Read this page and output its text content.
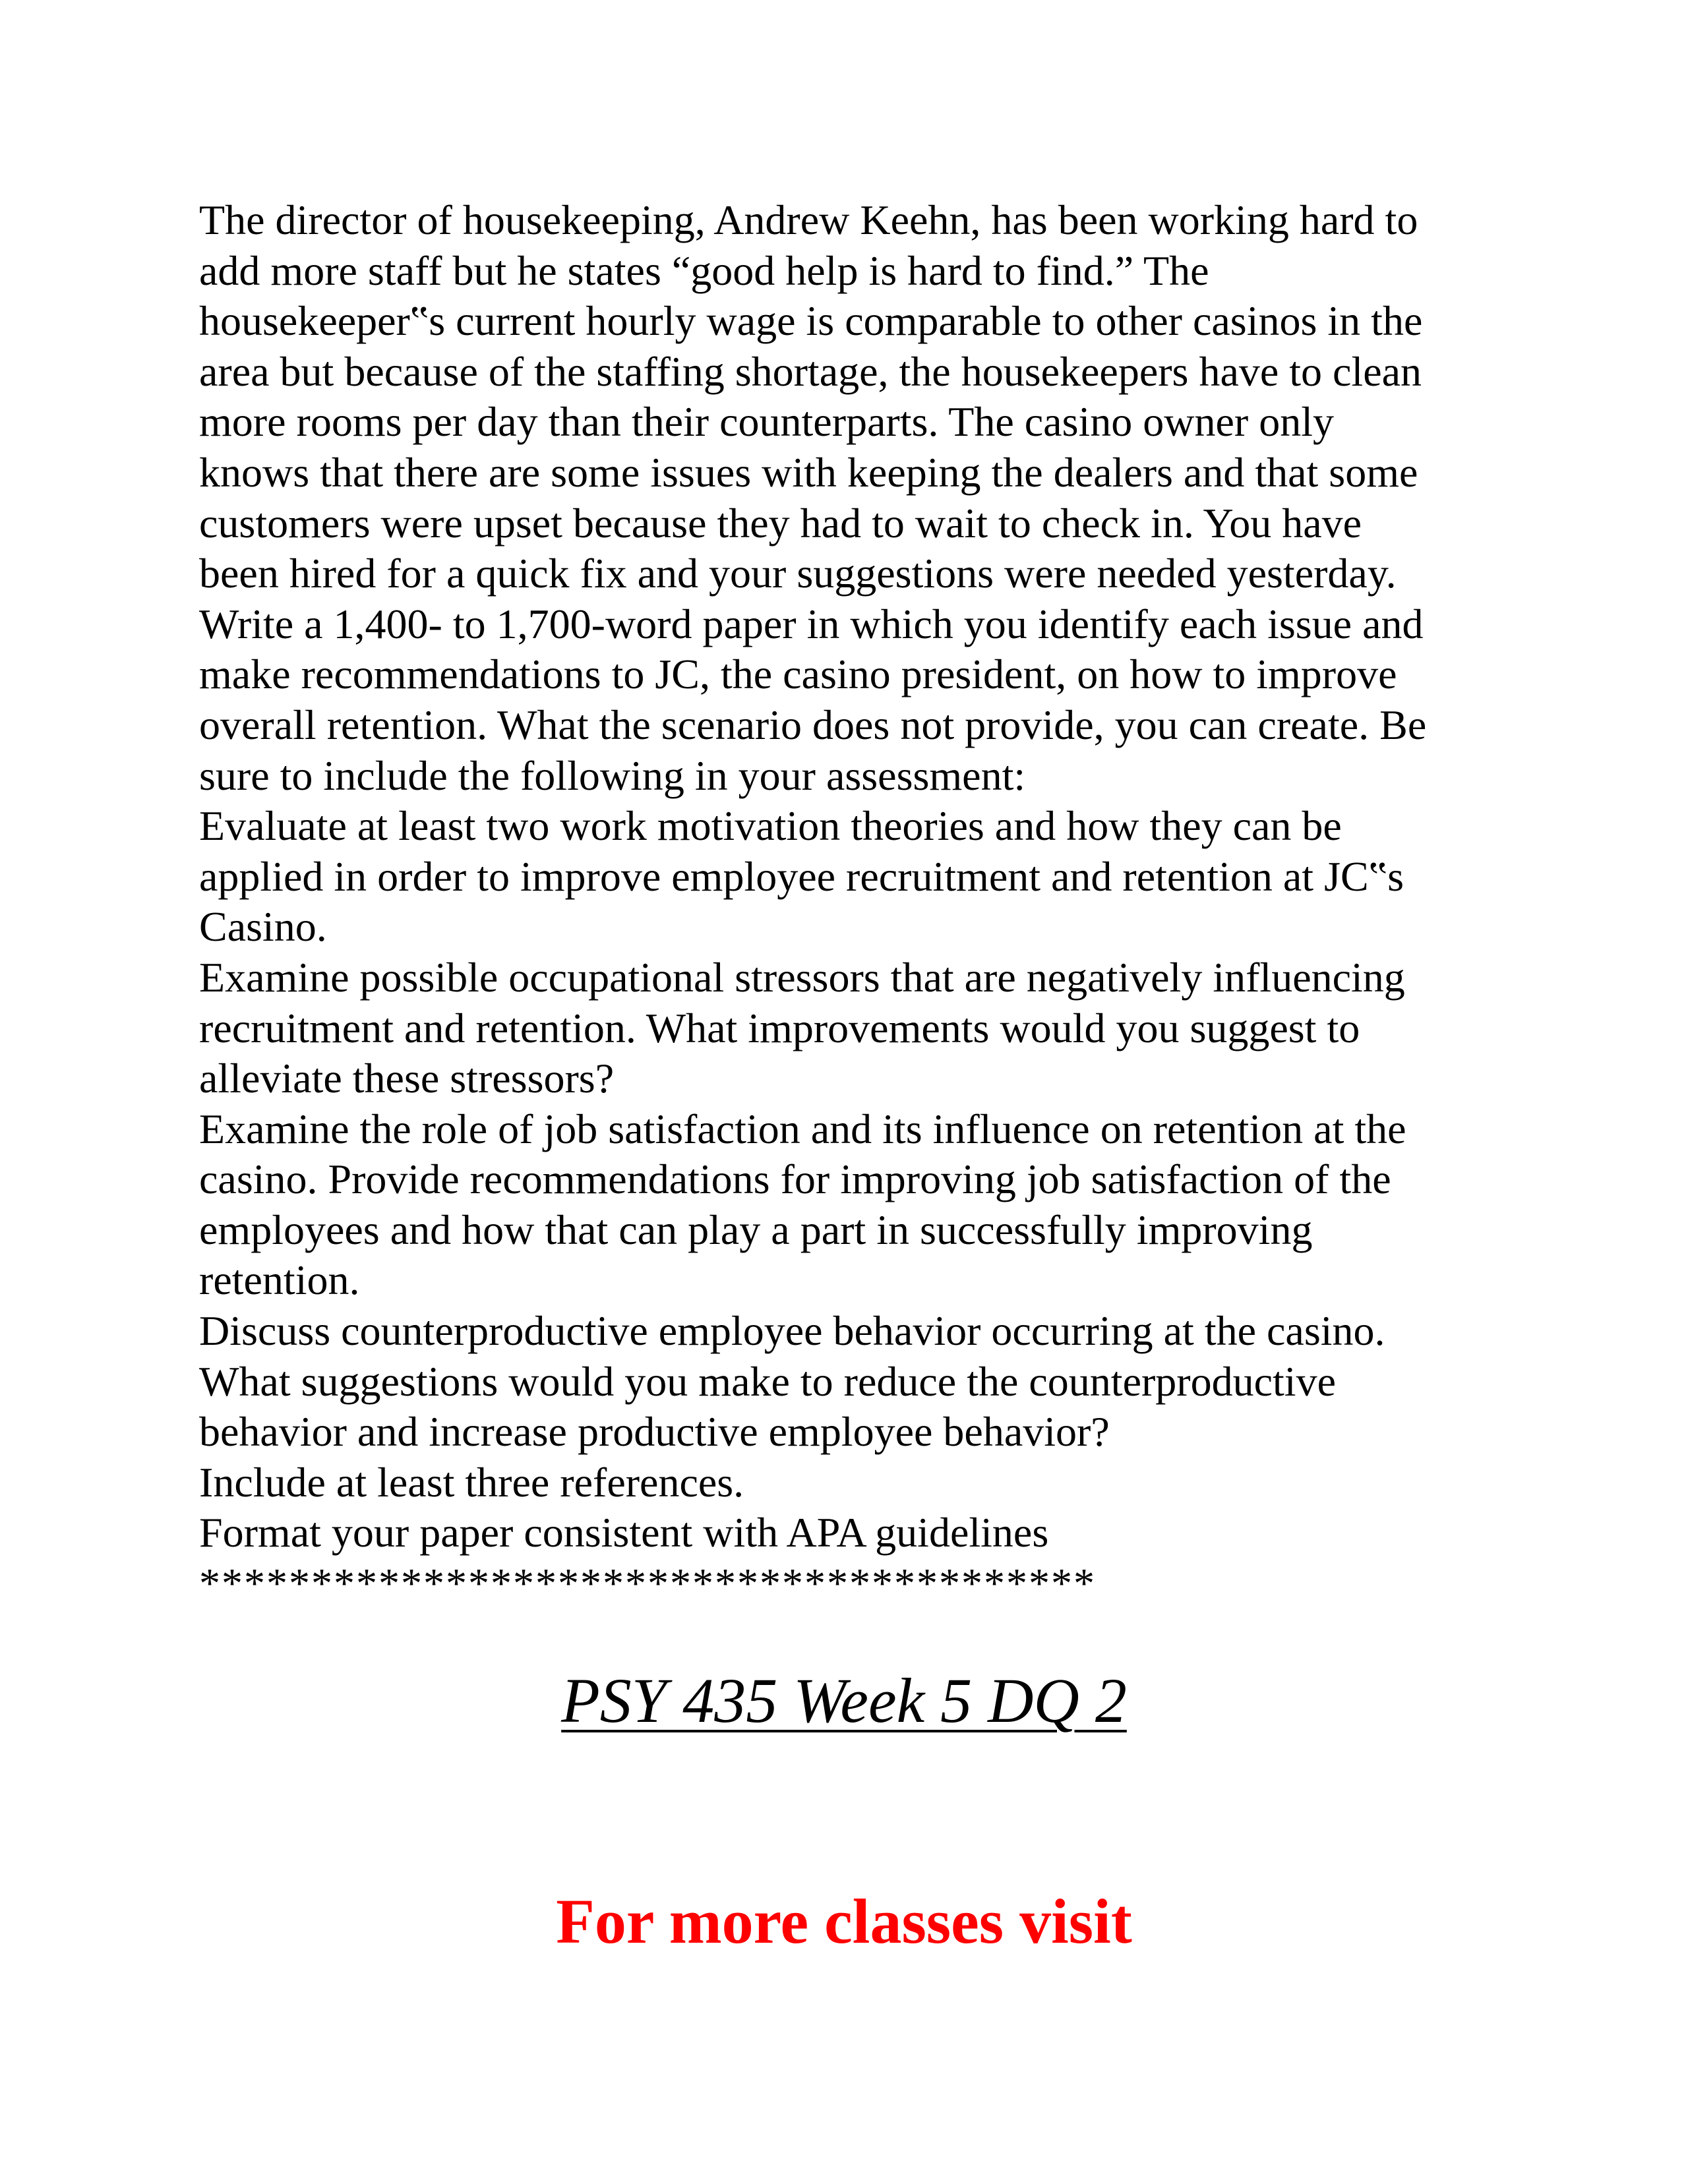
The director of housekeeping, Andrew Keehn, has been working hard to
add more staff but he states “good help is hard to find.” The
housekeeper‟s current hourly wage is comparable to other casinos in the
area but because of the staffing shortage, the housekeepers have to clean
more rooms per day than their counterparts. The casino owner only
knows that there are some issues with keeping the dealers and that some
customers were upset because they had to wait to check in. You have
been hired for a quick fix and your suggestions were needed yesterday.
Write a 1,400- to 1,700-word paper in which you identify each issue and
make recommendations to JC, the casino president, on how to improve
overall retention. What the scenario does not provide, you can create. Be
sure to include the following in your assessment:
Evaluate at least two work motivation theories and how they can be
applied in order to improve employee recruitment and retention at JC‟s
Casino.
Examine possible occupational stressors that are negatively influencing
recruitment and retention. What improvements would you suggest to
alleviate these stressors?
Examine the role of job satisfaction and its influence on retention at the
casino. Provide recommendations for improving job satisfaction of the
employees and how that can play a part in successfully improving
retention.
Discuss counterproductive employee behavior occurring at the casino.
What suggestions would you make to reduce the counterproductive
behavior and increase productive employee behavior?
Include at least three references.
Format your paper consistent with APA guidelines
****************************************
PSY 435 Week 5 DQ 2
For more classes visit
